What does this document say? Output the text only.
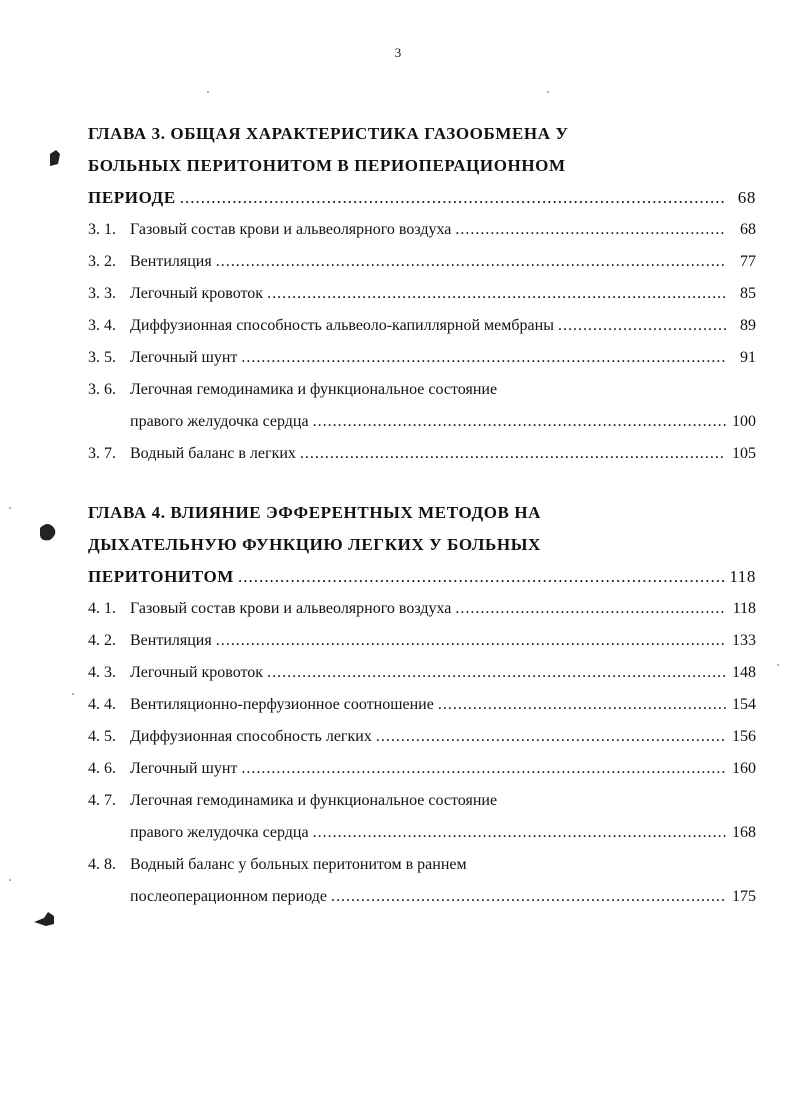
3
ГЛАВА 3. ОБЩАЯ ХАРАКТЕРИСТИКА ГАЗООБМЕНА У
БОЛЬНЫХ ПЕРИТОНИТОМ В ПЕРИОПЕРАЦИОННОМ
ПЕРИОДЕ .....	68
3. 1. Газовый состав крови и альвеолярного воздуха .....	68
3. 2. Вентиляция .....	77
3. 3. Легочный кровоток .....	85
3. 4. Диффузионная способность альвеоло-капиллярной мембраны .....	89
3. 5. Легочный шунт .....	91
3. 6. Легочная гемодинамика и функциональное состояние
правого желудочка сердца .....	100
3. 7. Водный баланс в легких .....	105
ГЛАВА 4. ВЛИЯНИЕ ЭФФЕРЕНТНЫХ МЕТОДОВ НА
ДЫХАТЕЛЬНУЮ ФУНКЦИЮ ЛЕГКИХ У БОЛЬНЫХ
ПЕРИТОНИТОМ .....	118
4. 1. Газовый состав крови и альвеолярного воздуха .....	118
4. 2. Вентиляция .....	133
4. 3. Легочный кровоток .....	148
4. 4. Вентиляционно-перфузионное соотношение .....	154
4. 5. Диффузионная способность легких .....	156
4. 6. Легочный шунт .....	160
4. 7. Легочная гемодинамика и функциональное состояние
правого желудочка сердца .....	168
4. 8. Водный баланс у больных перитонитом в раннем
послеоперационном периоде .....	175
